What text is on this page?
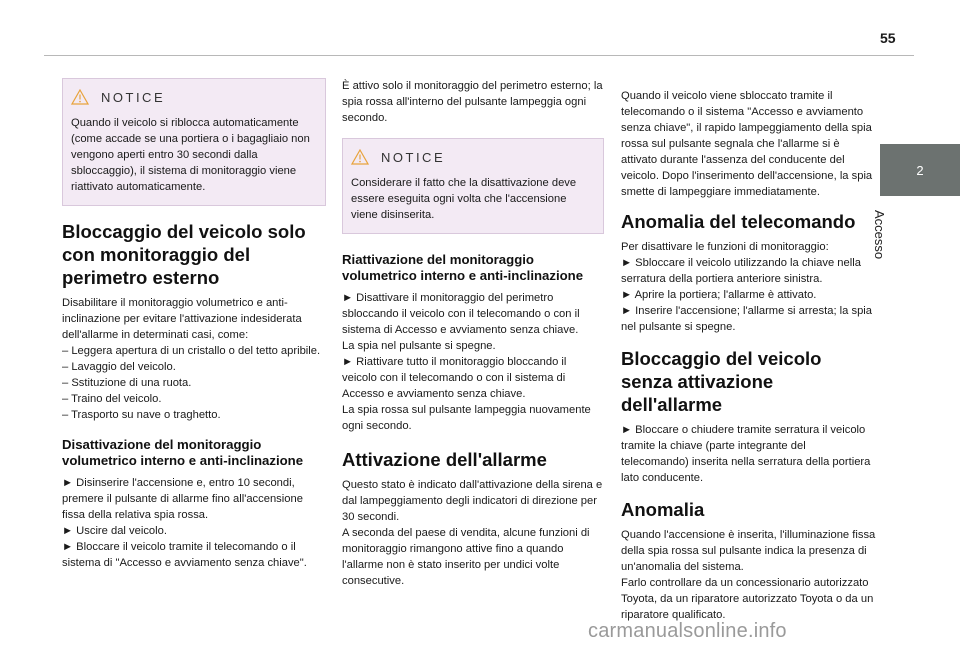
55
2
Accesso
NOTICE
Quando il veicolo si riblocca automaticamente (come accade se una portiera o i bagagliaio non vengono aperti entro 30 secondi dalla sbloccaggio), il sistema di monitoraggio viene riattivato automaticamente.
Bloccaggio del veicolo solo con monitoraggio del perimetro esterno

Disabilitare il monitoraggio volumetrico e anti-inclinazione per evitare l'attivazione indesiderata dell'allarme in determinati casi, come:
– Leggera apertura di un cristallo o del tetto apribile.
– Lavaggio del veicolo.
– Sstituzione di una ruota.
– Traino del veicolo.
– Trasporto su nave o traghetto.

Disattivazione del monitoraggio volumetrico interno e anti-inclinazione

► Disinserire l'accensione e, entro 10 secondi, premere il pulsante di allarme fino all'accensione fissa della relativa spia rossa.
► Uscire dal veicolo.
► Bloccare il veicolo tramite il telecomando o il sistema di "Accesso e avviamento senza chiave".

È attivo solo il monitoraggio del perimetro esterno; la spia rossa all'interno del pulsante lampeggia ogni secondo.

NOTICE
Considerare il fatto che la disattivazione deve essere eseguita ogni volta che l'accensione viene disinserita.
Riattivazione del monitoraggio volumetrico interno e anti-inclinazione

► Disattivare il monitoraggio del perimetro sbloccando il veicolo con il telecomando o con il sistema di Accesso e avviamento senza chiave.
La spia nel pulsante si spegne.
► Riattivare tutto il monitoraggio bloccando il veicolo con il telecomando o con il sistema di Accesso e avviamento senza chiave.
La spia rossa sul pulsante lampeggia nuovamente ogni secondo.

Attivazione dell'allarme

Questo stato è indicato dall'attivazione della sirena e dal lampeggiamento degli indicatori di direzione per 30 secondi.
A seconda del paese di vendita, alcune funzioni di monitoraggio rimangono attive fino a quando l'allarme non è stato inserito per undici volte consecutive.

Quando il veicolo viene sbloccato tramite il telecomando o il sistema "Accesso e avviamento senza chiave", il rapido lampeggiamento della spia rossa sul pulsante segnala che l'allarme si è attivato durante l'assenza del conducente del veicolo. Dopo l'inserimento dell'accensione, la spia smette di lampeggiare immediatamente.

Anomalia del telecomando

Per disattivare le funzioni di monitoraggio:
► Sbloccare il veicolo utilizzando la chiave nella serratura della portiera anteriore sinistra.
► Aprire la portiera; l'allarme è attivato.
► Inserire l'accensione; l'allarme si arresta; la spia nel pulsante si spegne.

Bloccaggio del veicolo senza attivazione dell'allarme

► Bloccare o chiudere tramite serratura il veicolo tramite la chiave (parte integrante del telecomando) inserita nella serratura della portiera lato conducente.

Anomalia

Quando l'accensione è inserita, l'illuminazione fissa della spia rossa sul pulsante indica la presenza di un'anomalia del sistema.
Farlo controllare da un concessionario autorizzato Toyota, da un riparatore autorizzato Toyota o da un riparatore qualificato.

carmanualsonline.info
